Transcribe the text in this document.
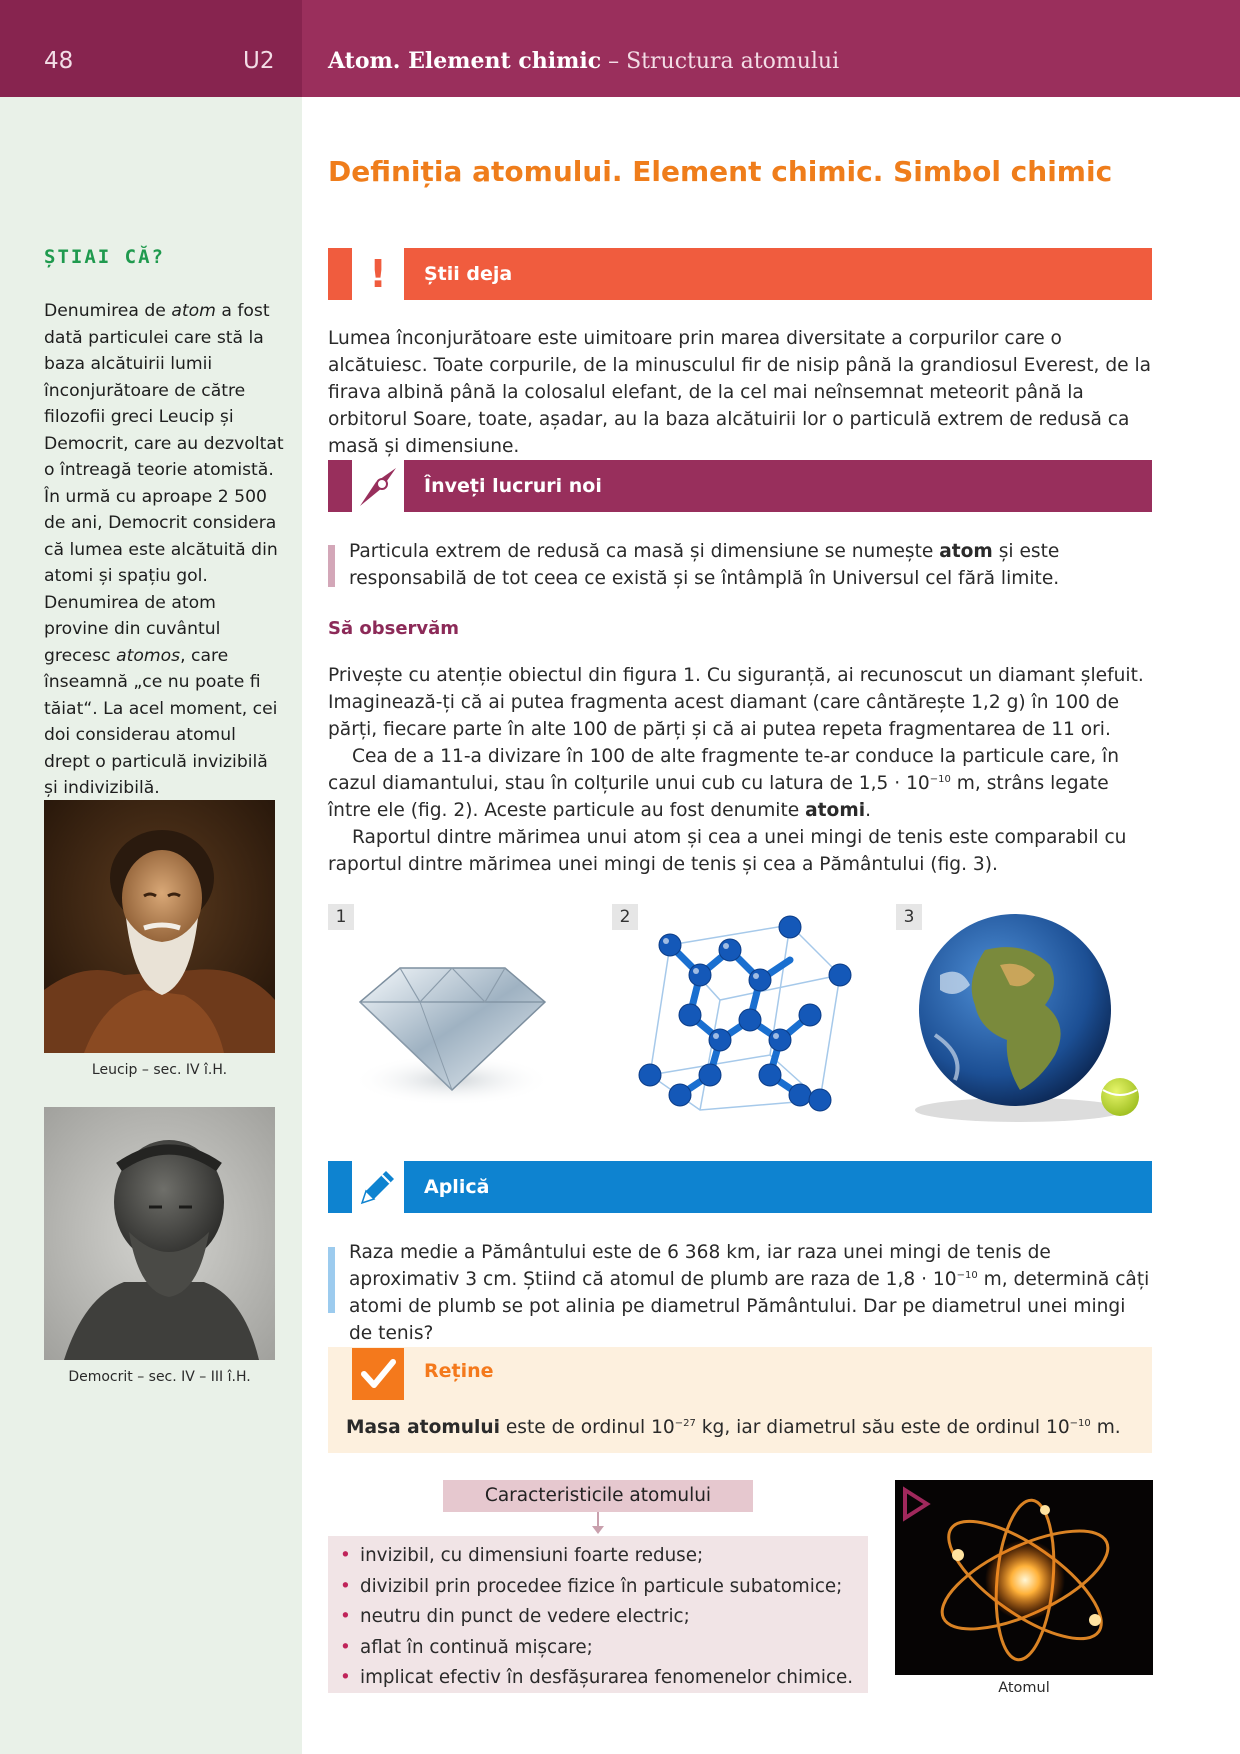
48	U2 Atom. Element chimic – Structura atomului
ȘTIAI CĂ?
Denumirea de atom a fost dată particulei care stă la baza alcătuirii lumii înconjurătoare de către filozofii greci Leucip și Democrit, care au dezvoltat o întreagă teorie atomistă. În urmă cu aproape 2 500 de ani, Democrit considera că lumea este alcătuită din atomi și spațiu gol. Denumirea de atom provine din cuvântul grecesc atomos, care înseamnă „ce nu poate fi tăiat“. La acel moment, cei doi considerau atomul drept o particulă invizibilă și indivizibilă.
Leucip – sec. IV î.H.
Democrit – sec. IV – III î.H.
Definiția atomului. Element chimic. Simbol chimic
!	Știi deja
Lumea înconjurătoare este uimitoare prin marea diversitate a corpurilor care o alcătuiesc. Toate corpurile, de la minusculul fir de nisip până la grandiosul Everest, de la firava albină până la colosalul elefant, de la cel mai neînsemnat meteorit până la orbitorul Soare, toate, așadar, au la baza alcătuirii lor o particulă extrem de redusă ca masă și dimensiune.
Înveți lucruri noi
Particula extrem de redusă ca masă și dimensiune se numește atom și este responsabilă de tot ceea ce există și se întâmplă în Universul cel fără limite.
Să observăm

Privește cu atenție obiectul din figura 1. Cu siguranță, ai recunoscut un diamant șlefuit. Imaginează-ți că ai putea fragmenta acest diamant (care cântărește 1,2 g) în 100 de părți, fiecare parte în alte 100 de părți și că ai putea repeta fragmentarea de 11 ori.

Cea de a 11-a divizare în 100 de alte fragmente te-ar conduce la particule care, în cazul diamantului, stau în colțurile unui cub cu latura de $1,5 \cdot 10^{-10}$ m, strâns legate între ele (fig. 2). Aceste particule au fost denumite atomi.

Raportul dintre mărimea unui atom și cea a unei mingi de tenis este comparabil cu raportul dintre mărimea unei mingi de tenis și cea a Pământului (fig. 3).

1	2	3
Aplică
Raza medie a Pământului este de 6 368 km, iar raza unei mingi de tenis de aproximativ 3 cm. Știind că atomul de plumb are raza de $1,8 \cdot 10^{-10}$ m, determină câți atomi de plumb se pot alinia pe diametrul Pământului. Dar pe diametrul unei mingi de tenis?
Reține
Masa atomului este de ordinul $10^{-27}$ kg, iar diametrul său este de ordinul $10^{-10}$ m.
Caracteristicile atomului
• invizibil, cu dimensiuni foarte reduse;
• divizibil prin procedee fizice în particule subatomice;
• neutru din punct de vedere electric;
• aflat în continuă mișcare;
• implicat efectiv în desfășurarea fenomenelor chimice.	Atomul
